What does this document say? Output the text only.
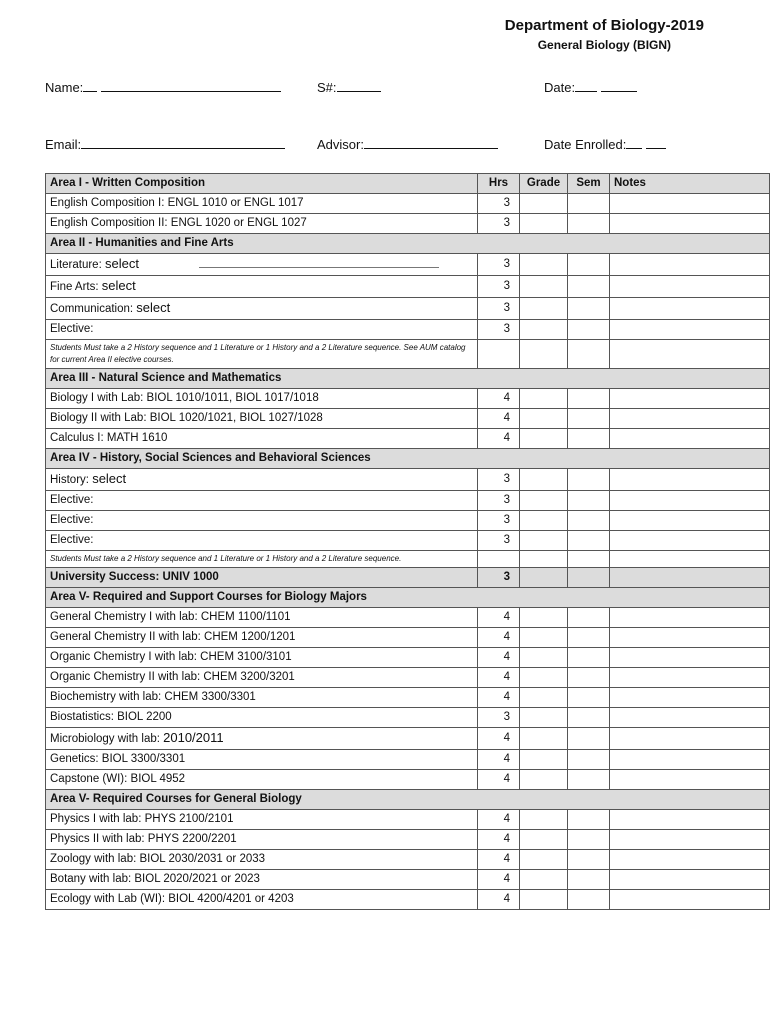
Department of Biology-2019
General Biology (BIGN)
Name:	S#:	Date:
Email:	Advisor:	Date Enrolled:
Area I - Written Composition	Hrs	Grade	Sem	Notes
English Composition I: ENGL 1010 or ENGL 1017	3			
English Composition II: ENGL 1020 or ENGL 1027	3			
Area II - Humanities and Fine Arts				
Literature: select	3			
Fine Arts: select	3			
Communication: select	3			
Elective:	3			
Students Must take a 2 History sequence and 1 Literature or 1 History and a 2 Literature sequence. See AUM catalog for current Area II elective courses.				
Area III - Natural Science and Mathematics				
Biology I with Lab: BIOL 1010/1011, BIOL 1017/1018	4			
Biology II with Lab: BIOL 1020/1021, BIOL 1027/1028	4			
Calculus I: MATH 1610	4			
Area IV - History, Social Sciences and Behavioral Sciences				
History: select	3			
Elective:	3			
Elective:	3			
Elective:	3			
Students Must take a 2 History sequence and 1 Literature or 1 History and a 2 Literature sequence.				
University Success: UNIV 1000	3			
Area V- Required and Support Courses for Biology Majors				
General Chemistry I with lab: CHEM 1100/1101	4			
General Chemistry II with lab: CHEM 1200/1201	4			
Organic Chemistry I with lab: CHEM 3100/3101	4			
Organic Chemistry II with lab: CHEM 3200/3201	4			
Biochemistry with lab: CHEM 3300/3301	4			
Biostatistics: BIOL 2200	3			
Microbiology with lab: 2010/2011	4			
Genetics: BIOL 3300/3301	4			
Capstone (WI): BIOL 4952	4			
Area V- Required Courses for General Biology				
Physics I with lab: PHYS 2100/2101	4			
Physics II with lab: PHYS 2200/2201	4			
Zoology with lab: BIOL 2030/2031 or 2033	4			
Botany with lab: BIOL 2020/2021 or 2023	4			
Ecology with Lab (WI): BIOL 4200/4201 or 4203	4			
